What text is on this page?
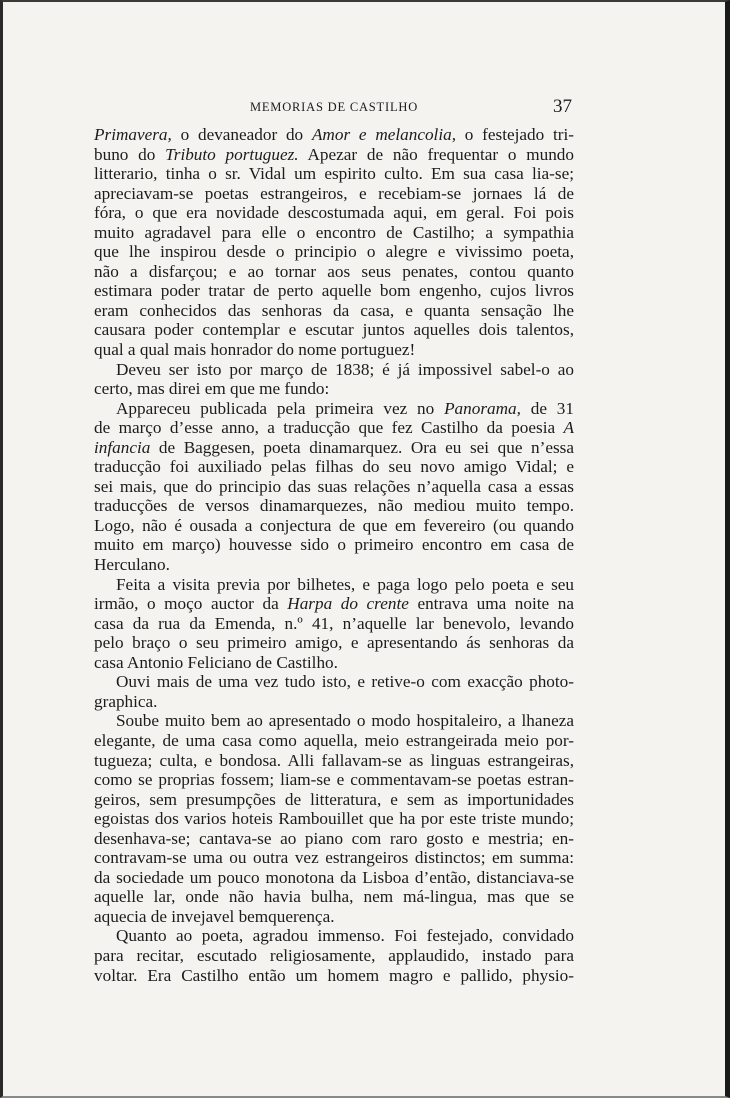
MEMORIAS DE CASTILHO	37
Primavera, o devaneador do Amor e melancolia, o festejado tri-
buno do Tributo portuguez. Apezar de não frequentar o mundo
litterario, tinha o sr. Vidal um espirito culto. Em sua casa lia-se;
apreciavam-se poetas estrangeiros, e recebiam-se jornaes lá de
fóra, o que era novidade descostumada aqui, em geral. Foi pois
muito agradavel para elle o encontro de Castilho; a sympathia
que lhe inspirou desde o principio o alegre e vivissimo poeta,
não a disfarçou; e ao tornar aos seus penates, contou quanto
estimara poder tratar de perto aquelle bom engenho, cujos livros
eram conhecidos das senhoras da casa, e quanta sensação lhe
causara poder contemplar e escutar juntos aquelles dois talentos,
qual a qual mais honrador do nome portuguez!
Deveu ser isto por março de 1838; é já impossivel sabel-o ao
certo, mas direi em que me fundo:
Appareceu publicada pela primeira vez no Panorama, de 31
de março d’esse anno, a traducção que fez Castilho da poesia A
infancia de Baggesen, poeta dinamarquez. Ora eu sei que n’essa
traducção foi auxiliado pelas filhas do seu novo amigo Vidal; e
sei mais, que do principio das suas relações n’aquella casa a essas
traducções de versos dinamarquezes, não mediou muito tempo.
Logo, não é ousada a conjectura de que em fevereiro (ou quando
muito em março) houvesse sido o primeiro encontro em casa de
Herculano.
Feita a visita previa por bilhetes, e paga logo pelo poeta e seu
irmão, o moço auctor da Harpa do crente entrava uma noite na
casa da rua da Emenda, n.º 41, n’aquelle lar benevolo, levando
pelo braço o seu primeiro amigo, e apresentando ás senhoras da
casa Antonio Feliciano de Castilho.
Ouvi mais de uma vez tudo isto, e retive-o com exacção photo-
graphica.
Soube muito bem ao apresentado o modo hospitaleiro, a lhaneza
elegante, de uma casa como aquella, meio estrangeirada meio por-
tugueza; culta, e bondosa. Alli fallavam-se as linguas estrangeiras,
como se proprias fossem; liam-se e commentavam-se poetas estran-
geiros, sem presumpções de litteratura, e sem as importunidades
egoistas dos varios hoteis Rambouillet que ha por este triste mundo;
desenhava-se; cantava-se ao piano com raro gosto e mestria; en-
contravam-se uma ou outra vez estrangeiros distinctos; em summa:
da sociedade um pouco monotona da Lisboa d’então, distanciava-se
aquelle lar, onde não havia bulha, nem má-lingua, mas que se
aquecia de invejavel bemquerença.
Quanto ao poeta, agradou immenso. Foi festejado, convidado
para recitar, escutado religiosamente, applaudido, instado para
voltar. Era Castilho então um homem magro e pallido, physio-
